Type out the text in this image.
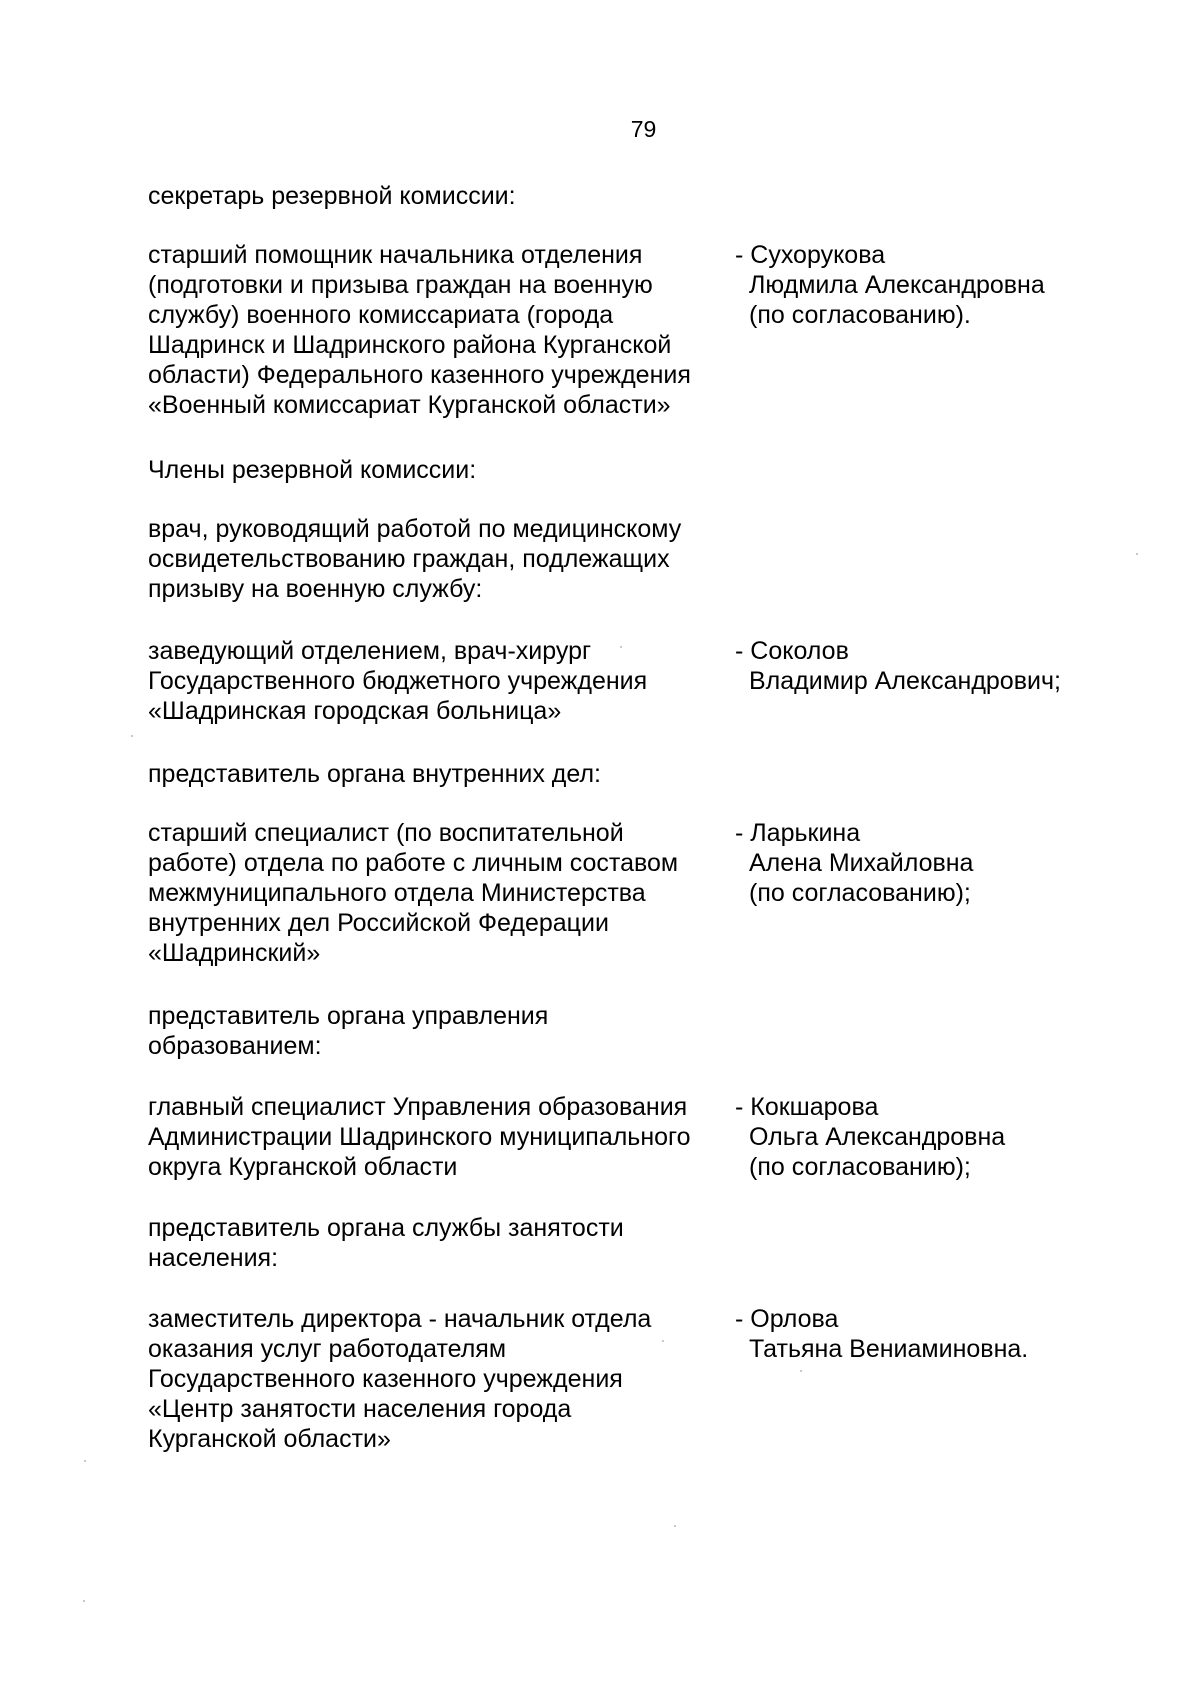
79
секретарь резервной комиссии:
старший помощник начальника отделения
(подготовки и призыва граждан на военную
службу) военного комиссариата (города
Шадринск и Шадринского района Курганской
области) Федерального казенного учреждения
«Военный комиссариат Курганской области»
- Сухорукова
Людмила Александровна
(по согласованию).
Члены резервной комиссии:
врач, руководящий работой по медицинскому
освидетельствованию граждан, подлежащих
призыву на военную службу:
заведующий отделением, врач-хирург
Государственного бюджетного учреждения
«Шадринская городская больница»
- Соколов
Владимир Александрович;
представитель органа внутренних дел:
старший специалист (по воспитательной
работе) отдела по работе с личным составом
межмуниципального отдела Министерства
внутренних дел Российской Федерации
«Шадринский»
- Ларькина
Алена Михайловна
(по согласованию);
представитель органа управления
образованием:
главный специалист Управления образования
Администрации Шадринского муниципального
округа Курганской области
- Кокшарова
Ольга Александровна
(по согласованию);
представитель органа службы занятости
населения:
заместитель директора - начальник отдела
оказания услуг работодателям
Государственного казенного учреждения
«Центр занятости населения города
Курганской области»
- Орлова
Татьяна Вениаминовна.
